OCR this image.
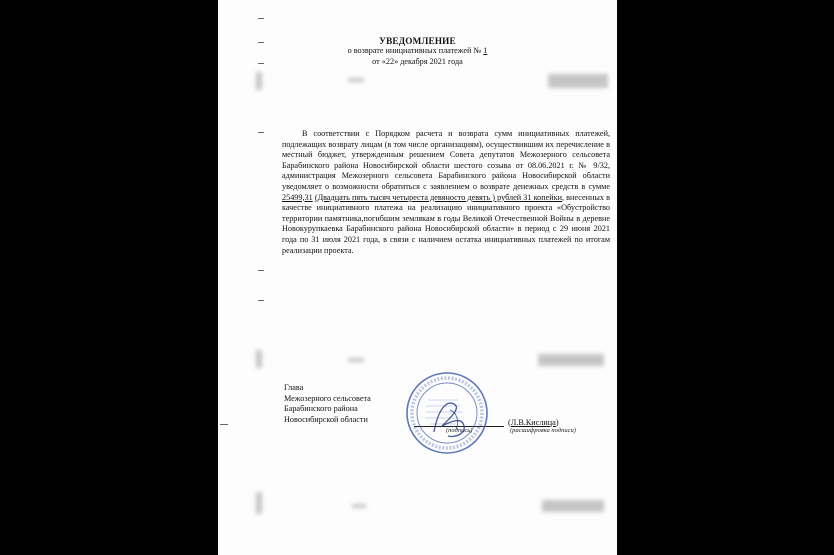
УВЕДОМЛЕНИЕ
о возврате инициативных платежей № 1
от «22» декабря 2021 года
В соответствии с Порядком расчета и возврата сумм инициативных платежей, подлежащих возврату лицам (в том числе организациям), осуществившим их перечисление в местный бюджет, утвержденным решением Совета депутатов Межозерного сельсовета Барабинского района Новосибирской области шестого созыва от 08.06.2021 г. № 9/32, администрация Межозерного сельсовета Барабинского района Новосибирской области уведомляет о возможности обратиться с заявлением о возврате денежных средств в сумме 25499,31 (Двадцать пять тысяч четыреста девяносто девять ) рублей 31 копейки, внесенных в качестве инициативного платежа на реализацию инициативного проекта «Обустройство территории памятника,погибшим землякам в годы Великой Отечественной Войны в деревне Новокурупкаевка Барабинского района Новосибирской области» в период с 29 июня 2021 года по 31 июля 2021 года, в связи с наличием остатка инициативных платежей по итогам реализации проекта.
Глава
Межозерного сельсовета
Барабинского района
Новосибирской области	(Л.В.Кислица)
(подпись)	(расшифровка подписи)
